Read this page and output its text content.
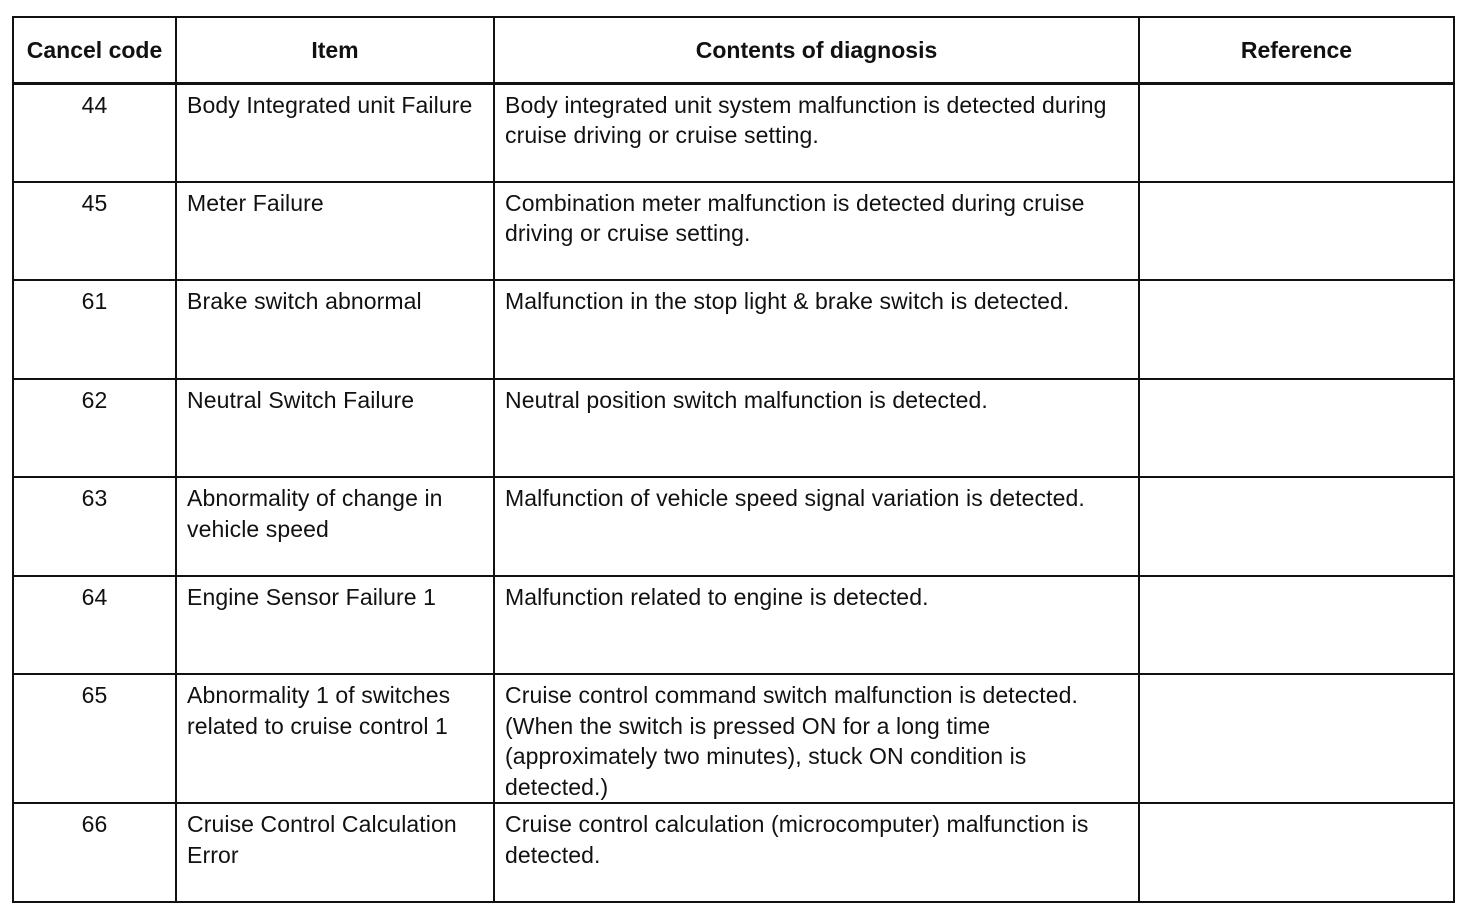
Cancel code	Item	Contents of diagnosis	Reference
44	Body Integrated unit Failure	Body integrated unit system malfunction is detected during cruise driving or cruise setting.	
45	Meter Failure	Combination meter malfunction is detected during cruise driving or cruise setting.	
61	Brake switch abnormal	Malfunction in the stop light & brake switch is detected.	
62	Neutral Switch Failure	Neutral position switch malfunction is detected.	
63	Abnormality of change in vehicle speed	Malfunction of vehicle speed signal variation is detected.	
64	Engine Sensor Failure 1	Malfunction related to engine is detected.	
65	Abnormality 1 of switches related to cruise control 1	Cruise control command switch malfunction is detected. (When the switch is pressed ON for a long time (approximately two minutes), stuck ON condition is detected.)	
66	Cruise Control Calculation Error	Cruise control calculation (microcomputer) malfunction is detected.	
